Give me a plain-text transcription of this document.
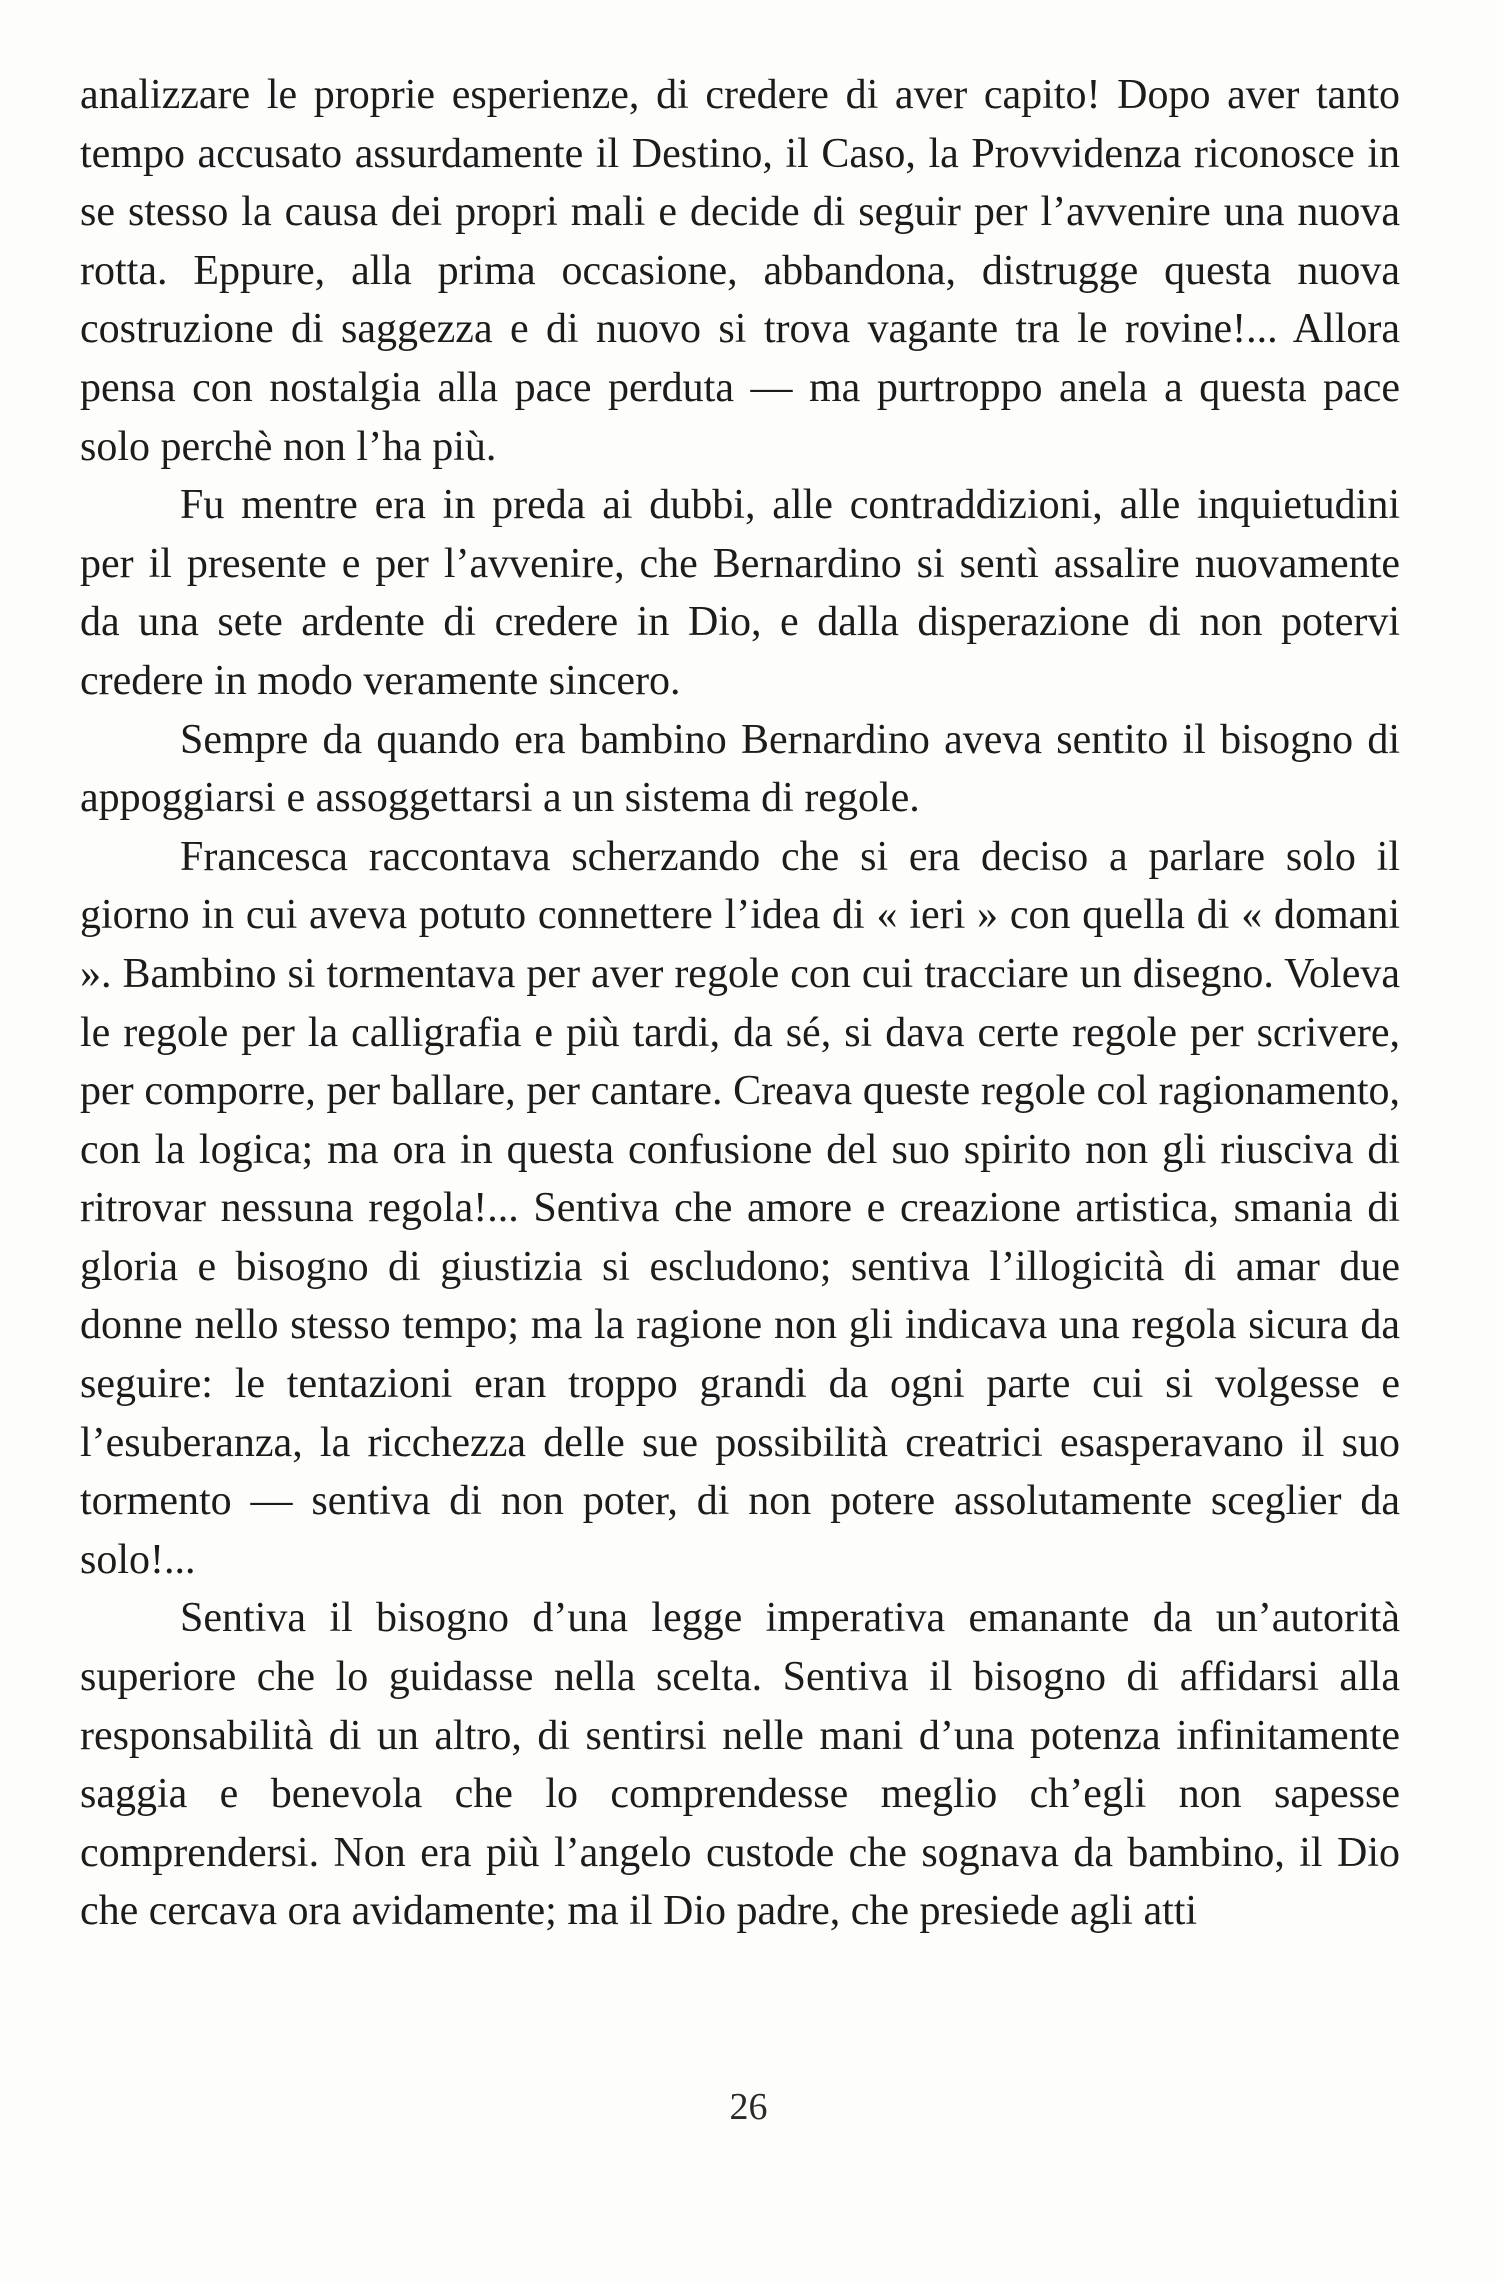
analizzare le proprie esperienze, di credere di aver capito! Dopo aver tanto tempo accusato assurdamente il Destino, il Caso, la Provvidenza riconosce in se stesso la causa dei propri mali e decide di seguir per l’avvenire una nuova rotta. Eppure, alla prima occasione, abbandona, distrugge questa nuova costruzione di saggezza e di nuovo si trova vagante tra le rovine!... Allora pensa con nostalgia alla pace perduta — ma purtroppo anela a questa pace solo perchè non l’ha più.

Fu mentre era in preda ai dubbi, alle contraddizioni, alle inquietudini per il presente e per l’avvenire, che Bernardino si sentì assalire nuovamente da una sete ardente di credere in Dio, e dalla disperazione di non potervi credere in modo veramente sincero.

Sempre da quando era bambino Bernardino aveva sentito il bisogno di appoggiarsi e assoggettarsi a un sistema di regole.

Francesca raccontava scherzando che si era deciso a parlare solo il giorno in cui aveva potuto connettere l’idea di « ieri » con quella di « domani ». Bambino si tormentava per aver regole con cui tracciare un disegno. Voleva le regole per la calligrafia e più tardi, da sé, si dava certe regole per scrivere, per comporre, per ballare, per cantare. Creava queste regole col ragionamento, con la logica; ma ora in questa confusione del suo spirito non gli riusciva di ritrovar nessuna regola!... Sentiva che amore e creazione artistica, smania di gloria e bisogno di giustizia si escludono; sentiva l’illogicità di amar due donne nello stesso tempo; ma la ragione non gli indicava una regola sicura da seguire: le tentazioni eran troppo grandi da ogni parte cui si volgesse e l’esuberanza, la ricchezza delle sue possibilità creatrici esasperavano il suo tormento — sentiva di non poter, di non potere assolutamente sceglier da solo!...

Sentiva il bisogno d’una legge imperativa emanante da un’autorità superiore che lo guidasse nella scelta. Sentiva il bisogno di affidarsi alla responsabilità di un altro, di sentirsi nelle mani d’una potenza infinitamente saggia e benevola che lo comprendesse meglio ch’egli non sapesse comprendersi. Non era più l’angelo custode che sognava da bambino, il Dio che cercava ora avidamente; ma il Dio padre, che presiede agli atti

26
